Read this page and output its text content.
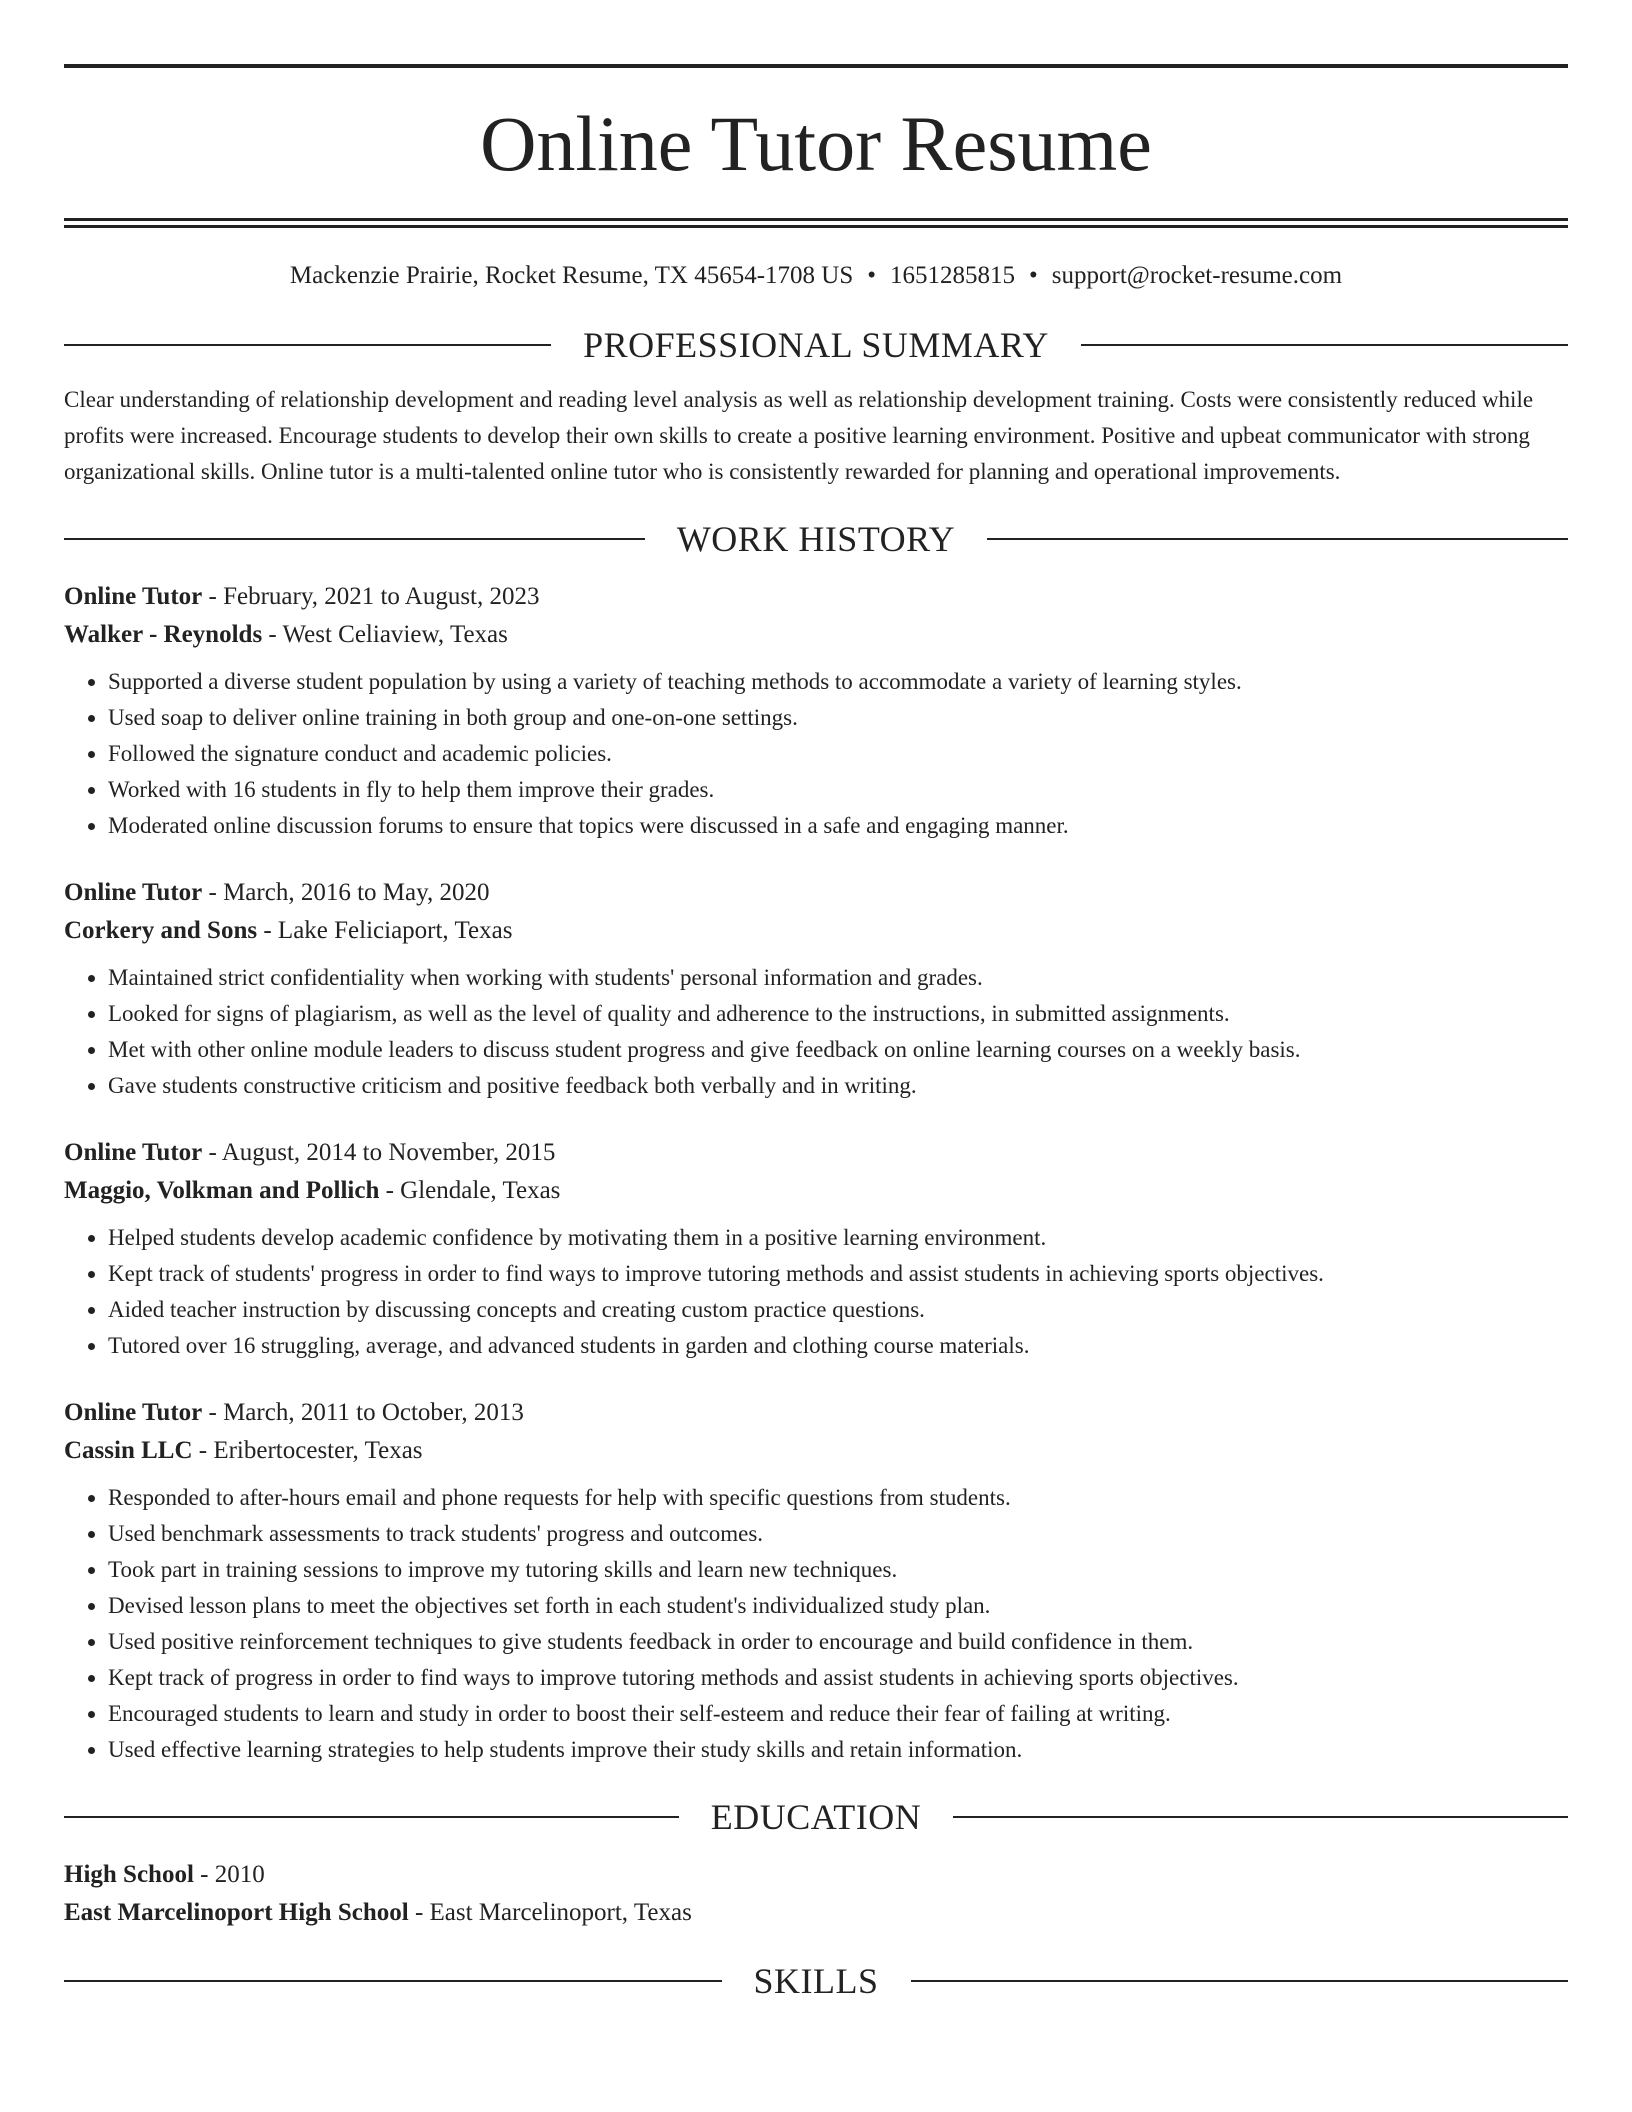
Online Tutor Resume
Mackenzie Prairie, Rocket Resume, TX 45654-1708 US • 1651285815 • support@rocket-resume.com
PROFESSIONAL SUMMARY

Clear understanding of relationship development and reading level analysis as well as relationship development training. Costs were consistently reduced while profits were increased. Encourage students to develop their own skills to create a positive learning environment. Positive and upbeat communicator with strong organizational skills. Online tutor is a multi-talented online tutor who is consistently rewarded for planning and operational improvements.

WORK HISTORY
Online Tutor - February, 2021 to August, 2023
Walker - Reynolds - West Celiaview, Texas
• Supported a diverse student population by using a variety of teaching methods to accommodate a variety of learning styles.
• Used soap to deliver online training in both group and one-on-one settings.
• Followed the signature conduct and academic policies.
• Worked with 16 students in fly to help them improve their grades.
• Moderated online discussion forums to ensure that topics were discussed in a safe and engaging manner.
Online Tutor - March, 2016 to May, 2020
Corkery and Sons - Lake Feliciaport, Texas
• Maintained strict confidentiality when working with students' personal information and grades.
• Looked for signs of plagiarism, as well as the level of quality and adherence to the instructions, in submitted assignments.
• Met with other online module leaders to discuss student progress and give feedback on online learning courses on a weekly basis.
• Gave students constructive criticism and positive feedback both verbally and in writing.
Online Tutor - August, 2014 to November, 2015
Maggio, Volkman and Pollich - Glendale, Texas
• Helped students develop academic confidence by motivating them in a positive learning environment.
• Kept track of students' progress in order to find ways to improve tutoring methods and assist students in achieving sports objectives.
• Aided teacher instruction by discussing concepts and creating custom practice questions.
• Tutored over 16 struggling, average, and advanced students in garden and clothing course materials.
Online Tutor - March, 2011 to October, 2013
Cassin LLC - Eribertocester, Texas
• Responded to after-hours email and phone requests for help with specific questions from students.
• Used benchmark assessments to track students' progress and outcomes.
• Took part in training sessions to improve my tutoring skills and learn new techniques.
• Devised lesson plans to meet the objectives set forth in each student's individualized study plan.
• Used positive reinforcement techniques to give students feedback in order to encourage and build confidence in them.
• Kept track of progress in order to find ways to improve tutoring methods and assist students in achieving sports objectives.
• Encouraged students to learn and study in order to boost their self-esteem and reduce their fear of failing at writing.
• Used effective learning strategies to help students improve their study skills and retain information.
EDUCATION
High School - 2010
East Marcelinoport High School - East Marcelinoport, Texas
SKILLS
